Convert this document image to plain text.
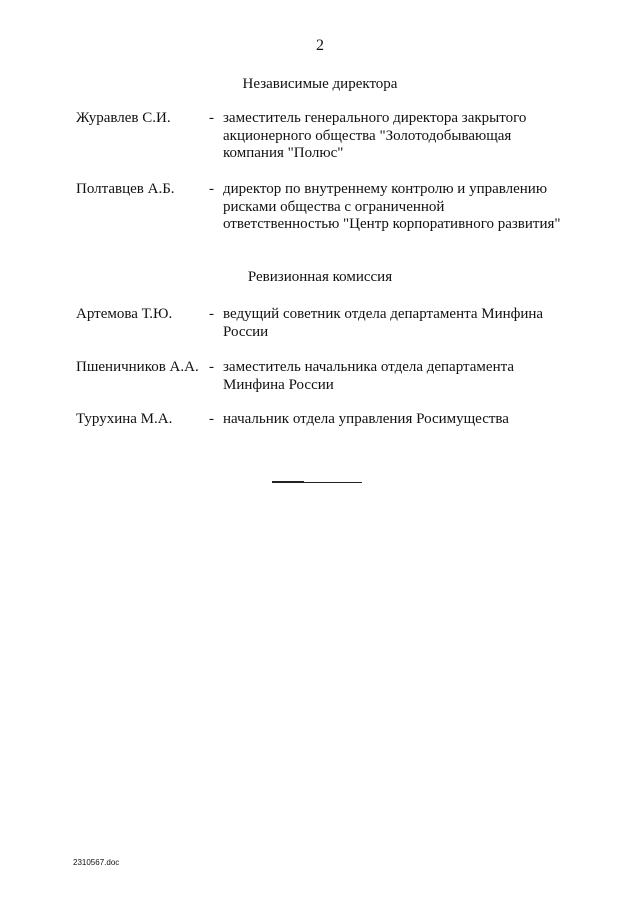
2
Независимые директора
Журавлев С.И.	- заместитель генерального директора закрытого акционерного общества "Золотодобывающая компания "Полюс"
Полтавцев А.Б.	- директор по внутреннему контролю и управлению рисками общества с ограниченной ответственностью "Центр корпоративного развития"
Ревизионная комиссия
Артемова Т.Ю.	- ведущий советник отдела департамента Минфина России
Пшеничников А.А. - заместитель начальника отдела департамента Минфина России
Турухина М.А.	- начальник отдела управления Росимущества
2310567.doc
